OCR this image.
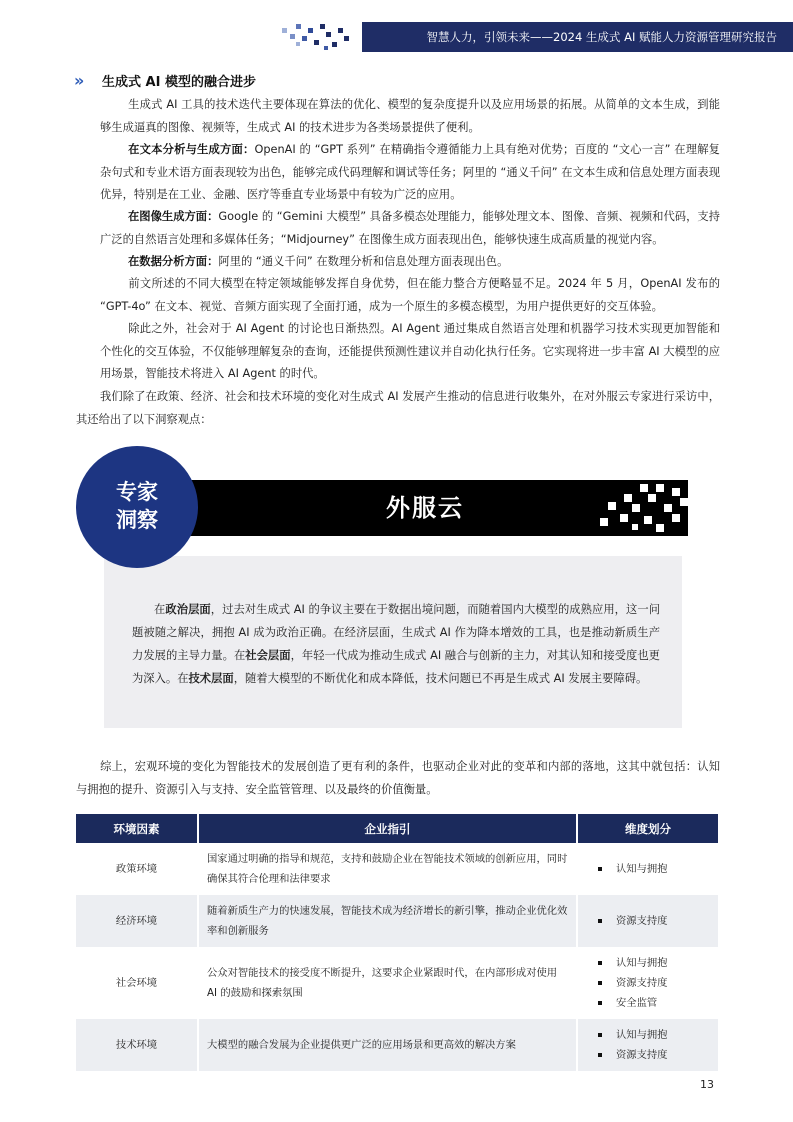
智慧人力，引领未来——2024 生成式 AI 赋能人力资源管理研究报告
»	生成式 AI 模型的融合进步

生成式 AI 工具的技术迭代主要体现在算法的优化、模型的复杂度提升以及应用场景的拓展。从简单的文本生成，到能够生成逼真的图像、视频等，生成式 AI 的技术进步为各类场景提供了便利。

在文本分析与生成方面：OpenAI 的 “GPT 系列” 在精确指令遵循能力上具有绝对优势；百度的 “文心一言” 在理解复杂句式和专业术语方面表现较为出色，能够完成代码理解和调试等任务；阿里的 “通义千问” 在文本生成和信息处理方面表现优异，特别是在工业、金融、医疗等垂直专业场景中有较为广泛的应用。

在图像生成方面：Google 的 “Gemini 大模型” 具备多模态处理能力，能够处理文本、图像、音频、视频和代码，支持广泛的自然语言处理和多媒体任务；“Midjourney” 在图像生成方面表现出色，能够快速生成高质量的视觉内容。

在数据分析方面：阿里的 “通义千问” 在数理分析和信息处理方面表现出色。

前文所述的不同大模型在特定领域能够发挥自身优势，但在能力整合方便略显不足。2024 年 5 月，OpenAI 发布的 “GPT-4o” 在文本、视觉、音频方面实现了全面打通，成为一个原生的多模态模型，为用户提供更好的交互体验。

除此之外，社会对于 AI Agent 的讨论也日渐热烈。AI Agent 通过集成自然语言处理和机器学习技术实现更加智能和个性化的交互体验，不仅能够理解复杂的查询，还能提供预测性建议并自动化执行任务。它实现将进一步丰富 AI 大模型的应用场景，智能技术将进入 AI Agent 的时代。

我们除了在政策、经济、社会和技术环境的变化对生成式 AI 发展产生推动的信息进行收集外，在对外服云专家进行采访中，其还给出了以下洞察观点：

外服云
专家
洞察

在政治层面，过去对生成式 AI 的争议主要在于数据出境问题，而随着国内大模型的成熟应用，这一问题被随之解决，拥抱 AI 成为政治正确。在经济层面，生成式 AI 作为降本增效的工具，也是推动新质生产力发展的主导力量。在社会层面，年轻一代成为推动生成式 AI 融合与创新的主力，对其认知和接受度也更为深入。在技术层面，随着大模型的不断优化和成本降低，技术问题已不再是生成式 AI 发展主要障碍。

综上，宏观环境的变化为智能技术的发展创造了更有利的条件，也驱动企业对此的变革和内部的落地，这其中就包括：认知与拥抱的提升、资源引入与支持、安全监管管理、以及最终的价值衡量。

环境因素	企业指引	维度划分
政策环境	国家通过明确的指导和规范，支持和鼓励企业在智能技术领域的创新应用，同时确保其符合伦理和法律要求	认知与拥抱

经济环境	随着新质生产力的快速发展，智能技术成为经济增长的新引擎，推动企业优化效率和创新服务	资源支持度

社会环境	公众对智能技术的接受度不断提升，这要求企业紧跟时代，在内部形成对使用 AI 的鼓励和探索氛围	认知与拥抱
资源支持度
安全监管

技术环境	大模型的融合发展为企业提供更广泛的应用场景和更高效的解决方案	认知与拥抱
资源支持度
13
